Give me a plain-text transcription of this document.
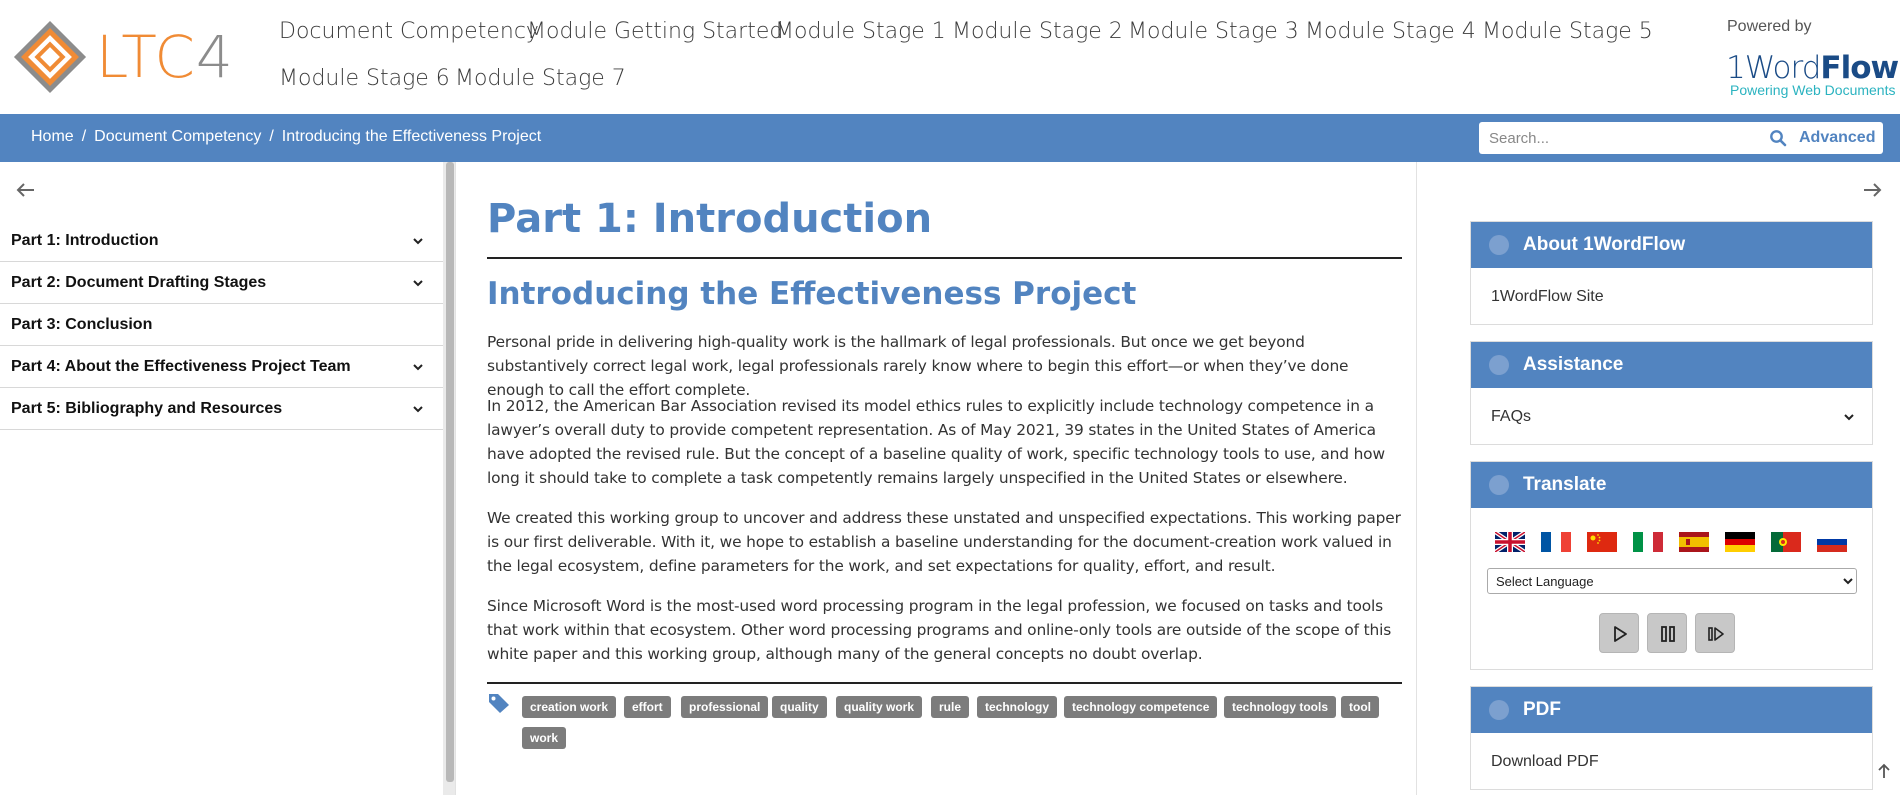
LTC4 Document Competency
Module Getting Started
Module Stage 1 Module Stage 2 Module Stage 3 Module Stage 4 Module Stage 5
Module Stage 6 Module Stage 7
Powered by
1WordFlow
Powering Web Documents
Home / Document Competency / Introducing the Effectiveness Project
Search...	Advanced
Part 1: Introduction
Part 2: Document Drafting Stages
Part 3: Conclusion
Part 4: About the Effectiveness Project Team
Part 5: Bibliography and Resources
Part 1: Introduction
Introducing the Effectiveness Project

Personal pride in delivering high-quality work is the hallmark of legal professionals. But once we get beyond substantively correct legal work, legal professionals rarely know where to begin this effort—or when they’ve done enough to call the effort complete.

In 2012, the American Bar Association revised its model ethics rules to explicitly include technology competence in a lawyer’s overall duty to provide competent representation. As of May 2021, 39 states in the United States of America have adopted the revised rule. But the concept of a baseline quality of work, specific technology tools to use, and how long it should take to complete a task competently remains largely unspecified in the United States or elsewhere.

We created this working group to uncover and address these unstated and unspecified expectations. This working paper is our first deliverable. With it, we hope to establish a baseline understanding for the document-creation work valued in the legal ecosystem, define parameters for the work, and set expectations for quality, effort, and result.

Since Microsoft Word is the most-used word processing program in the legal profession, we focused on tasks and tools that work within that ecosystem. Other word processing programs and online-only tools are outside of the scope of this white paper and this working group, although many of the general concepts no doubt overlap.

creation work	effort	professional	quality	quality work	rule	technology	technology competence	technology tools	tool
work
About 1WordFlow
1WordFlow Site
Assistance
FAQs
Translate
Select Language
PDF
Download PDF
